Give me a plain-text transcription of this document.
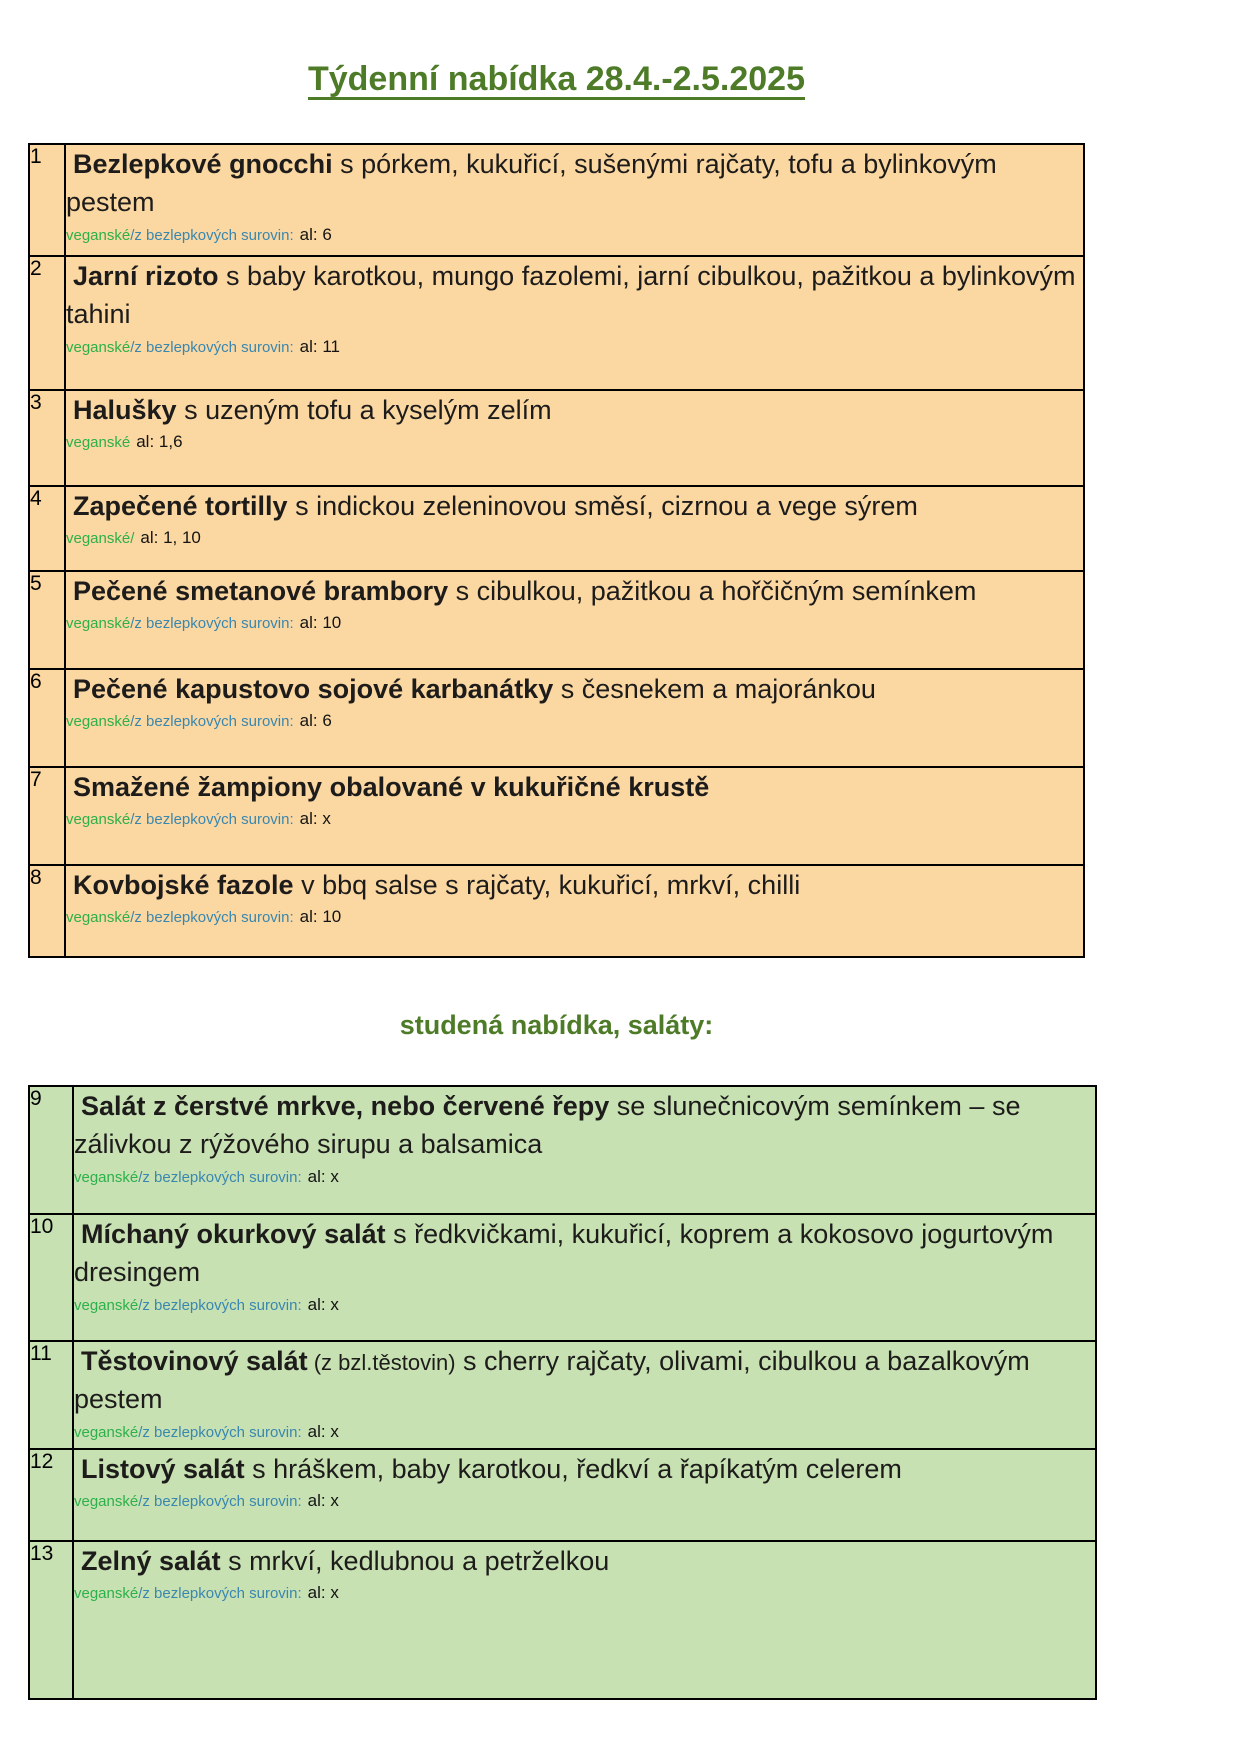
Týdenní nabídka 28.4.-2.5.2025
1	Bezlepkové gnocchi s pórkem, kukuřicí, sušenými rajčaty, tofu a bylinkovým pestem
veganské/z bezlepkových surovin: al: 6

2	Jarní rizoto s baby karotkou, mungo fazolemi, jarní cibulkou, pažitkou a bylinkovým tahini
veganské/z bezlepkových surovin: al: 11

3	Halušky s uzeným tofu a kyselým zelím
veganské al: 1,6

4	Zapečené tortilly s indickou zeleninovou směsí, cizrnou a vege sýrem
veganské/ al: 1, 10

5	Pečené smetanové brambory s cibulkou, pažitkou a hořčičným semínkem
veganské/z bezlepkových surovin: al: 10

6	Pečené kapustovo sojové karbanátky s česnekem a majoránkou
veganské/z bezlepkových surovin: al: 6

7	Smažené žampiony obalované v kukuřičné krustě
veganské/z bezlepkových surovin: al: x

8	Kovbojské fazole v bbq salse s rajčaty, kukuřicí, mrkví, chilli
veganské/z bezlepkových surovin: al: 10
studená nabídka, saláty:
9	Salát z čerstvé mrkve, nebo červené řepy se slunečnicovým semínkem – se zálivkou z rýžového sirupu a balsamica
veganské/z bezlepkových surovin: al: x

10	Míchaný okurkový salát s ředkvičkami, kukuřicí, koprem a kokosovo jogurtovým dresingem
veganské/z bezlepkových surovin: al: x

11	Těstovinový salát (z bzl.těstovin) s cherry rajčaty, olivami, cibulkou a bazalkovým pestem
veganské/z bezlepkových surovin: al: x

12	Listový salát s hráškem, baby karotkou, ředkví a řapíkatým celerem
veganské/z bezlepkových surovin: al: x

13	Zelný salát s mrkví, kedlubnou a petrželkou
veganské/z bezlepkových surovin: al: x
